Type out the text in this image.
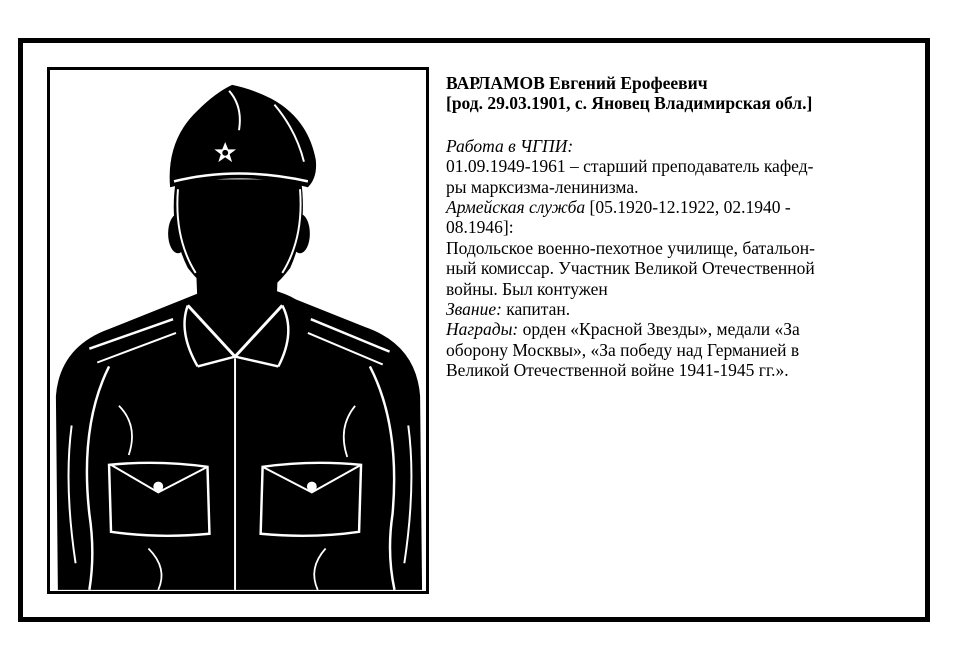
ВАРЛАМОВ Евгений Ерофеевич
[род. 29.03.1901, с. Яновец Владимирская обл.]
Работа в ЧГПИ:
01.09.1949-1961 – старший преподаватель кафед-
ры марксизма-ленинизма.
Армейская служба [05.1920-12.1922, 02.1940 -
08.1946]:
Подольское военно-пехотное училище, батальон-
ный комиссар. Участник Великой Отечественной
войны. Был контужен
Звание: капитан.
Награды: орден «Красной Звезды», медали «За
оборону Москвы», «За победу над Германией в
Великой Отечественной войне 1941-1945 гг.».
